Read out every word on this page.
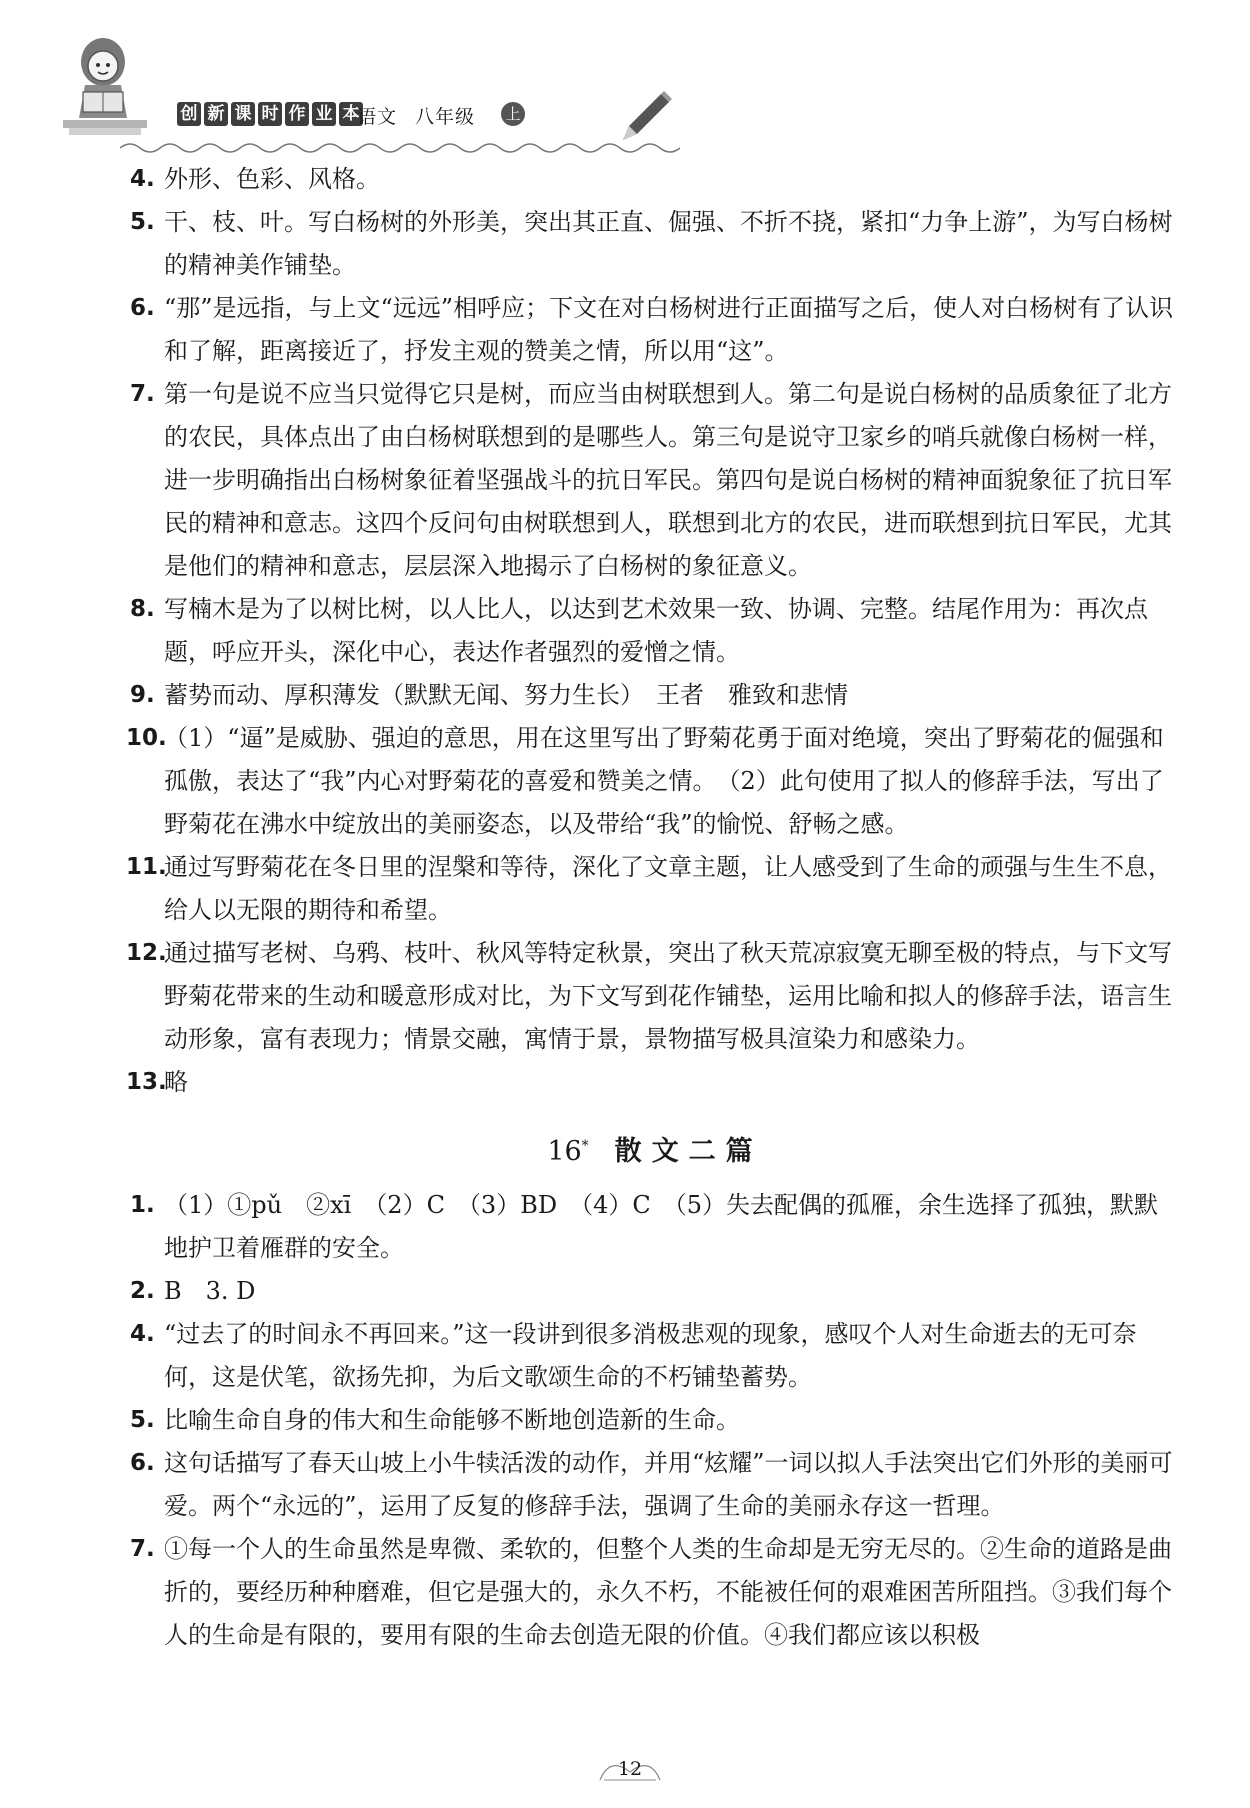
创 新 课 时 作 业 本
语文 八年级 上
4. 外形、色彩、风格。
5. 干、枝、叶。写白杨树的外形美，突出其正直、倔强、不折不挠，紧扣“力争上游”，为写白杨树的精神美作铺垫。
6. “那”是远指，与上文“远远”相呼应；下文在对白杨树进行正面描写之后，使人对白杨树有了认识和了解，距离接近了，抒发主观的赞美之情，所以用“这”。
7. 第一句是说不应当只觉得它只是树，而应当由树联想到人。第二句是说白杨树的品质象征了北方的农民，具体点出了由白杨树联想到的是哪些人。第三句是说守卫家乡的哨兵就像白杨树一样，进一步明确指出白杨树象征着坚强战斗的抗日军民。第四句是说白杨树的精神面貌象征了抗日军民的精神和意志。这四个反问句由树联想到人，联想到北方的农民，进而联想到抗日军民，尤其是他们的精神和意志，层层深入地揭示了白杨树的象征意义。
8. 写楠木是为了以树比树，以人比人，以达到艺术效果一致、协调、完整。结尾作用为：再次点题，呼应开头，深化中心，表达作者强烈的爱憎之情。
9. 蓄势而动、厚积薄发（默默无闻、努力生长）　王者　雅致和悲情
10.
（1）“逼”是威胁、强迫的意思，用在这里写出了野菊花勇于面对绝境，突出了野菊花的倔强和孤傲，表达了“我”内心对野菊花的喜爱和赞美之情。　（2）此句使用了拟人的修辞手法，写出了野菊花在沸水中绽放出的美丽姿态，以及带给“我”的愉悦、舒畅之感。
11.
通过写野菊花在冬日里的涅槃和等待，深化了文章主题，让人感受到了生命的顽强与生生不息，给人以无限的期待和希望。
12.
通过描写老树、乌鸦、枝叶、秋风等特定秋景，突出了秋天荒凉寂寞无聊至极的特点，与下文写野菊花带来的生动和暖意形成对比，为下文写到花作铺垫，运用比喻和拟人的修辞手法，语言生动形象，富有表现力；情景交融，寓情于景，景物描写极具渲染力和感染力。
13.
略
16* 散文二篇
1. （1）①pǔ　②xī　（2）C　（3）BD　（4）C　（5）失去配偶的孤雁，余生选择了孤独，默默地护卫着雁群的安全。
2. B　3. D
4. “过去了的时间永不再回来。”这一段讲到很多消极悲观的现象，感叹个人对生命逝去的无可奈何，这是伏笔，欲扬先抑，为后文歌颂生命的不朽铺垫蓄势。
5. 比喻生命自身的伟大和生命能够不断地创造新的生命。
6. 这句话描写了春天山坡上小牛犊活泼的动作，并用“炫耀”一词以拟人手法突出它们外形的美丽可爱。两个“永远的”，运用了反复的修辞手法，强调了生命的美丽永存这一哲理。
7. ①每一个人的生命虽然是卑微、柔软的，但整个人类的生命却是无穷无尽的。②生命的道路是曲折的，要经历种种磨难，但它是强大的，永久不朽，不能被任何的艰难困苦所阻挡。③我们每个人的生命是有限的，要用有限的生命去创造无限的价值。④我们都应该以积极
12
